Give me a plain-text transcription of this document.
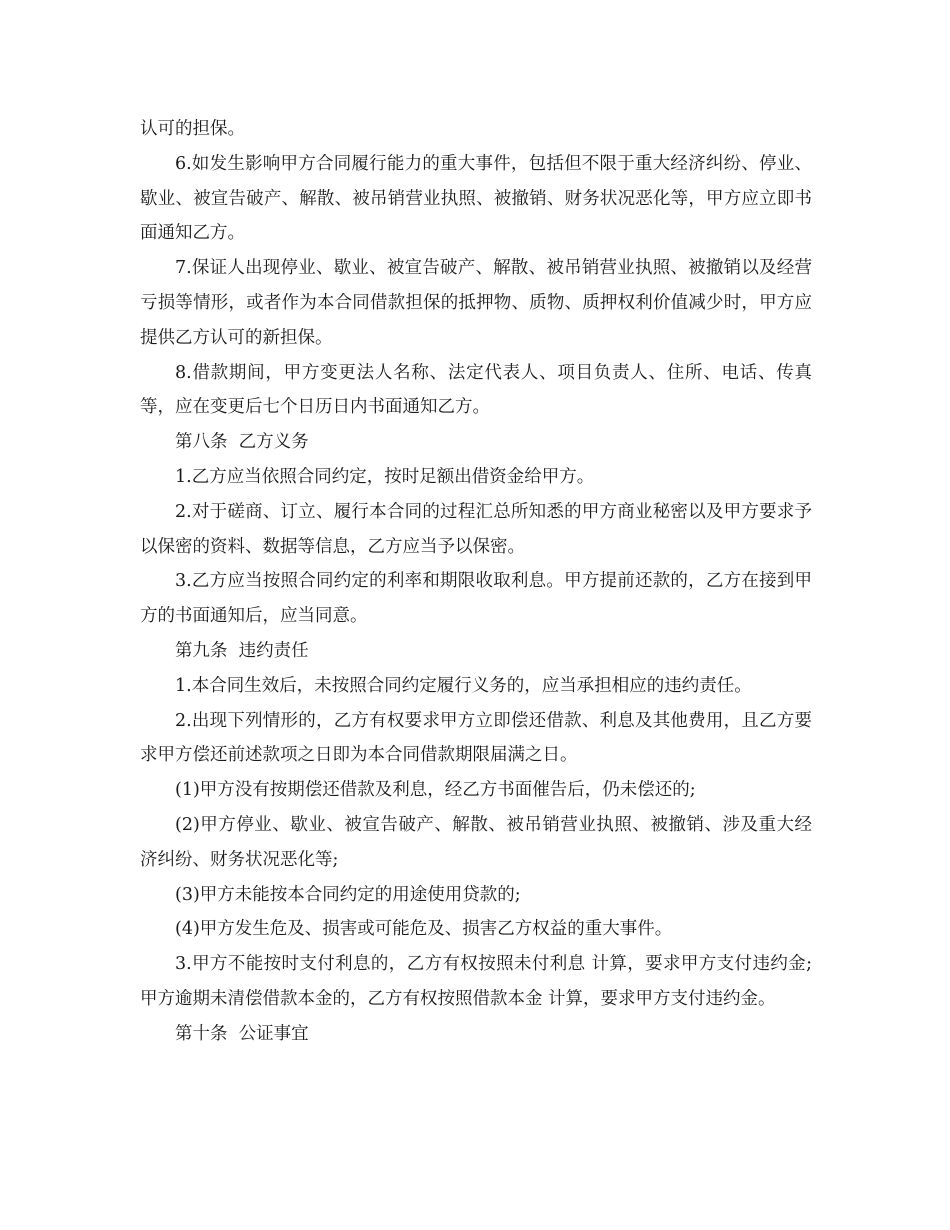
认可的担保。

6.如发生影响甲方合同履行能力的重大事件，包括但不限于重大经济纠纷、停业、歇业、被宣告破产、解散、被吊销营业执照、被撤销、财务状况恶化等，甲方应立即书面通知乙方。

7.保证人出现停业、歇业、被宣告破产、解散、被吊销营业执照、被撤销以及经营亏损等情形，或者作为本合同借款担保的抵押物、质物、质押权利价值减少时，甲方应提供乙方认可的新担保。

8.借款期间，甲方变更法人名称、法定代表人、项目负责人、住所、电话、传真等，应在变更后七个日历日内书面通知乙方。

第八条  乙方义务

1.乙方应当依照合同约定，按时足额出借资金给甲方。

2.对于磋商、订立、履行本合同的过程汇总所知悉的甲方商业秘密以及甲方要求予以保密的资料、数据等信息，乙方应当予以保密。

3.乙方应当按照合同约定的利率和期限收取利息。甲方提前还款的，乙方在接到甲方的书面通知后，应当同意。

第九条  违约责任

1.本合同生效后，未按照合同约定履行义务的，应当承担相应的违约责任。

2.出现下列情形的，乙方有权要求甲方立即偿还借款、利息及其他费用，且乙方要求甲方偿还前述款项之日即为本合同借款期限届满之日。

(1)甲方没有按期偿还借款及利息，经乙方书面催告后，仍未偿还的;

(2)甲方停业、歇业、被宣告破产、解散、被吊销营业执照、被撤销、涉及重大经济纠纷、财务状况恶化等;

(3)甲方未能按本合同约定的用途使用贷款的;

(4)甲方发生危及、损害或可能危及、损害乙方权益的重大事件。

3.甲方不能按时支付利息的，乙方有权按照未付利息 计算，要求甲方支付违约金;甲方逾期未清偿借款本金的，乙方有权按照借款本金 计算，要求甲方支付违约金。

第十条  公证事宜
